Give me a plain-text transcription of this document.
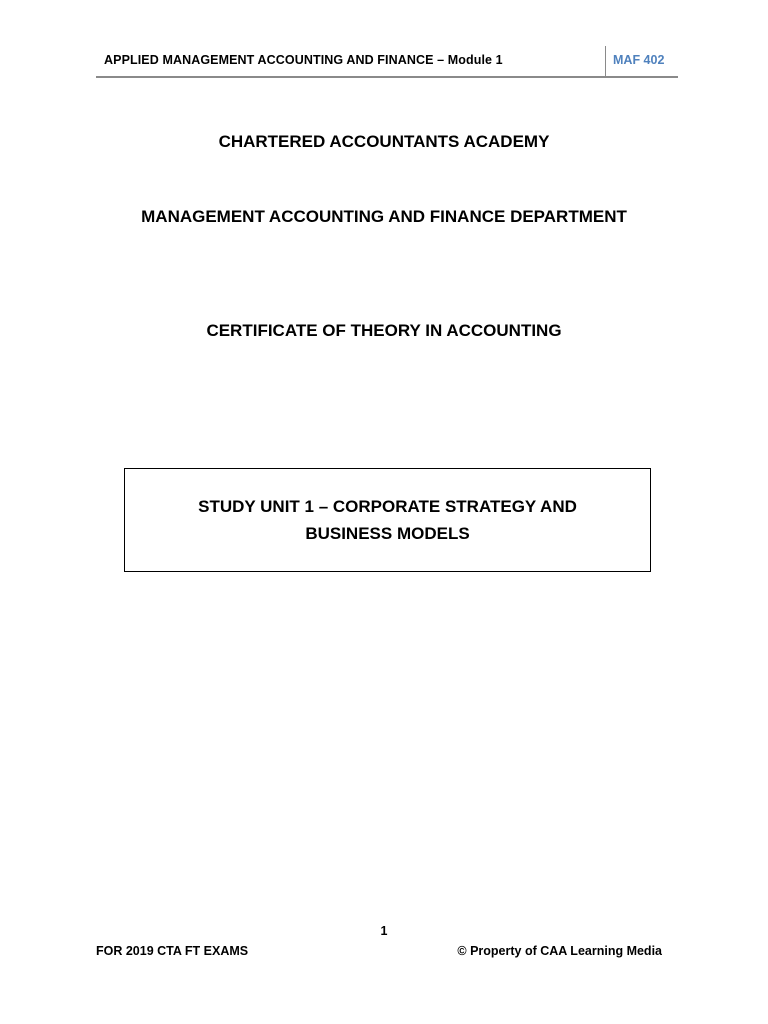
APPLIED MANAGEMENT ACCOUNTING AND FINANCE – Module 1	MAF 402
CHARTERED ACCOUNTANTS ACADEMY
MANAGEMENT ACCOUNTING AND FINANCE DEPARTMENT
CERTIFICATE OF THEORY IN ACCOUNTING
STUDY UNIT 1 – CORPORATE STRATEGY AND BUSINESS MODELS
1
FOR 2019 CTA FT EXAMS	© Property of CAA Learning Media
